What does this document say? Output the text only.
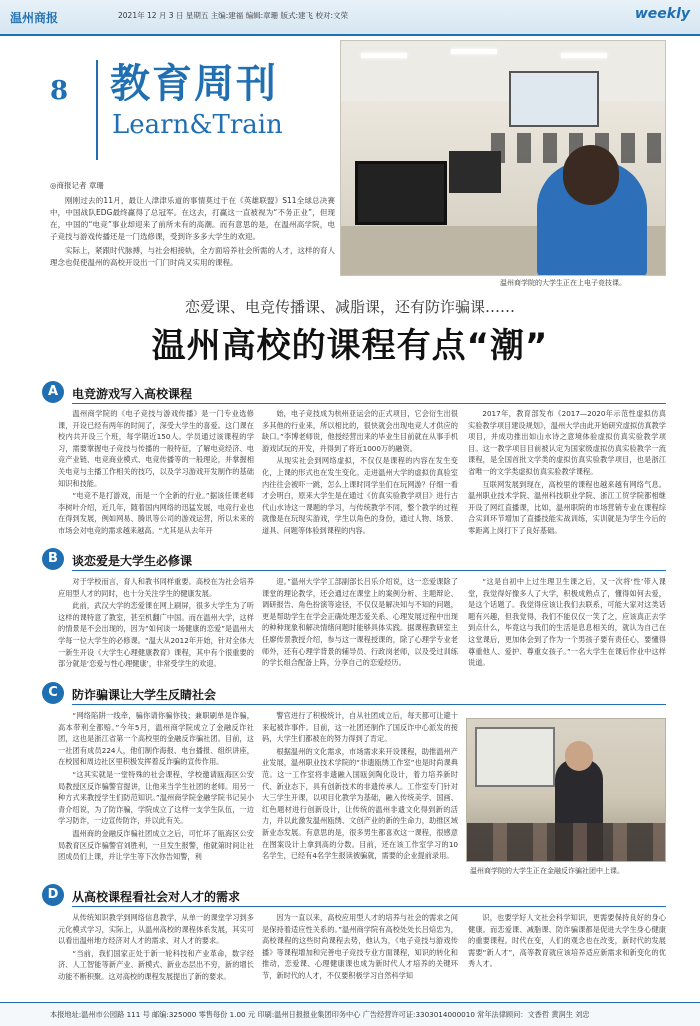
温州商报	2021年 12 月 3 日 星期五 主编:建福 编辑:章珊 版式:建飞 校对:文荣	weekly
8 教育周刊
Learn&Train
◎商报记者 章珊

刚刚过去的11月，最让人津津乐道的事情莫过于在《英雄联盟》S11全球总决赛中，中国战队EDG最终赢得了总冠军。在这去，打赢这一直被视为“不务正业”，但现在，中国的“电竞”事业却迎来了前所未有的高潮。而有意思的是，在温州高学院，电子竞技与游戏传播还是一门选修课，受到许多多大学生的欢迎。

实际上，紧跟时代脉搏，与社会相接轨，全方面培养社会所需的人才，这样的育人理念也促使温州的高校开设出一门门时尚又实用的课程。

温州商学院的大学生正在上电子竞技课。
恋爱课、电竞传播课、减脂课，还有防诈骗课……
温州高校的课程有点“潮”
A	电竞游戏写入高校课程

温州商学院的《电子竞技与游戏传播》是一门专业选修课，开设已经有两年的时间了，深受大学生的喜爱。这门课在校内共开设三个班，每学期近150人。学员通过该课程的学习，需要掌握电子竞技与传播的一般特征，了解电竞经济、电竞产业链、电竞商业模式、电竞传播等的一般理论，并掌握相关电竞与主播工作相关的技巧，以及学习游戏开发制作的基础知识和技能。

“电竞不是打游戏，而是一个全新的行业。”据该任课老师李树叶介绍，近几年，随着国内网络的迅猛发展，电竞行业也在得到发展，例如网易、腾讯等公司的游戏运营，所以未来的市场会对电竞的需求越来越高。“尤其是从去年开

始，电子竞技成为杭州亚运会的正式项目，它会衍生出很多其他的行业来，所以相比的，很快就会出现电竞人才供应的缺口。”李博老师说，他授经营出来的毕业生目前就在从事手机游戏试玩的开发，并得到了将近1000万的融资。

从现实社会到网络虚拟，不仅仅是课程的内容在发生变化，上课的形式也在发生变化。走进温州大学的虚拟仿真验室内往往会被吓一跳，怎么上课时同学坐们在玩网游？仔细一看才会明白，原来大学生是在通过《仿真实验教学项目》进行古代山水诗这一课题的学习，与传统教学不同，整个教学的过程就像是在玩现实游戏，学生以角色的身份，通过人物、场景、道具、问题等体验到课程的内容。

2017年，教育部发布《2017—2020年示范性虚拟仿真实验教学项目建设规划》，温州大学由此开始研究虚拟仿真教学项目，并成功推出如山水诗之意境体验虚拟仿真实验教学项目。这一教学项目目前被认定为国家级虚拟仿真实验教学一流课程，是全国首批文学类的虚拟仿真实验教学项目，也是浙江省唯一的文学类虚拟仿真实验教学课程。

互联网发展到现在，高校里的课程也越来越有网络气息。温州职业技术学院、温州科技职业学院、浙江工贸学院都相继开设了网红直播课，比如，温州职院的市场营销专业在课程综合实训环节增加了直播技能实战训练，实训就是为学生今后的零距离上岗打下了良好基础。

B	谈恋爱是大学生必修课

对于学校而言，育人和教书同样重要。高校在为社会培养应用型人才的同时，也十分关注学生的健康发展。

此前，武汉大学的恋爱课在网上刷屏，很多大学生为了听这样的课特意了教室，甚至机翻广中国。而在温州大学，这样的情景是不会出现的，因为“如何谈一场健康的恋爱”是温州大学每一位大学生的必修课。“温大从2012年开始，针对全体大一新生开设《大学生心理健康教育》课程，其中有个很重要的部分就是‘恋爱与性心理健康’，非常受学生的欢迎。

迎。”温州大学学工部副部长吕乐介绍说，这一恋爱课除了课堂的理论教学，还会通过在课堂上的案例分析、主题辩论、调研报告、角色扮演等途径，不仅仅是解决知与不知的问题，更是帮助学生在学会正确处理恋爱关系、心理发展过程中出现的种种现象和解决情绪问题时能够具体实践。据课程教研室主任廖传景教授介绍，参与这一课程授课的，除了心理学专业老师外，还有心理学背景的辅导员、行政岗老师，以及受过训练的学长组合配备上阵，分享自己的恋爱经历。

“这是自初中上过生理卫生课之后，又一次将‘性’带入课堂，我觉得好像多人了大学，积极成熟点了，懂得如何去爱，是这个话题了。我觉得应该让我们去联系，可能大家对这类话题有兴趣，但我觉得，我们不能仅仅一笑了之，应该真正去学到点什么，毕竟这与我们的生活是息息相关的，就认为自己在这堂课后，更加体会到了作为一个男孩子要有责任心，要懂得尊重他人、爱护、尊重女孩子。”一名大学生在课后作业中这样说道。

C	防诈骗课让大学生反睛社会

“网络陷阱一线牵，骗你请你骗你钱；兼职刷单是诈骗，高本带利全都赔。”今年5月，温州商学院成立了金融反诈社团，这也是浙江省第一个高校里的金融反诈骗社团。目前，这一社团有成员224人，他们制作海报、电台播报、组织讲座，在校园和周边社区里积极发挥着反诈骗的宣传作用。

“这其实就是一堂特殊的社会课程，学校邀请瓯海区公安局教授区反诈骗警官提讲，让他来当学生社团的老师。用另一种方式来教授学生们防范知识。”温州商学院金融学院书记吴小青介绍说，为了防诈骗，学院成立了这样一支学生队伍，一边学习防诈，一边宣传防诈，并以此有关。

温州商的金融反诈骗社团成立之后，可忙坏了瓯海区公安局教育区反诈骗警官刘胜利，一旦发生报警，他就第时间让社团成员们上课，并让学生等下次你告知警，利

警官进行了积极统计，自从社团成立后，每天都可让避十来起被诈事件。目前，这一社团还制作了国反诈中心派发的接码，大学生们都被在的努力得到了肯定。

根据温州的文化需求，市场需求来开设课程，助推温州产业发展，温州职业技术学院的“非遗瓯绣工作室”也是时尚课典范。这一工作室将非遗融入国瓯剑陶化设计，着力培养新时代、新业态下，具有创新技术的非遗传承人。工作室专门针对大三学生开课，以项目化教学为基础，融入传统美学、国画、红色题材进行创新设计，让传统的温州非遗文化得到新的活力，并以此激发温州瓯绣、文创产业的新的生命力，助推区域新业态发展。有意思的是，很多男生都喜欢这一课程，很感意在图案设计上拿到高的分数。目前，还在该工作室学习的10名学生，已经有4名学生报读被骗就，需要的企业提前录用。

温州商学院的大学生正在金融反诈骗社团中上课。
D	从高校课程看社会对人才的需求

从传统知识教学到网络信息教学，从单一的课堂学习到多元化模式学习，实际上，从温州高校的课程体系发展，其实可以看出温州地方经济对人才的需求、对人才的要求。

“当前，我们国家正处于新一轮科技和产业革命，数字经济、人工智能等新产业、新模式、新业态层出不穷，新的增长动能不断积聚。这对高校的课程发展提出了新的要求。

因为一直以来，高校应用型人才的培养与社会的需求之间是保持着适应性关系的。”温州商学院有高校处处长吕焙忠为，高校课程的这些时尚课程去势，他认为，《电子竞技与游戏传播》等课程增加和完善电子竞技专业方面课程，知识的转化和推动，恋爱课、心理健康课也成为新时代人才培养的关键环节，新时代的人才，不仅要积极学习自然科学知

识，也要学好人文社会科学知识，更需要保持良好的身心健康。而恋爱课、减脂课、防诈骗课都是促进大学生身心健康的重要课程。时代在变，人们的观念也在改变，新时代的发展需要“新人才”，高等教育就应该培养适应新需求和新变化的优秀人才。

本报地址:温州市公园路 111 号 邮编:325000 零售每份 1.00 元 印刷:温州日报报业集团印务中心 广告经营许可证:3303014000010 常年法律顾问：文香哲 黄润生 刘忠
